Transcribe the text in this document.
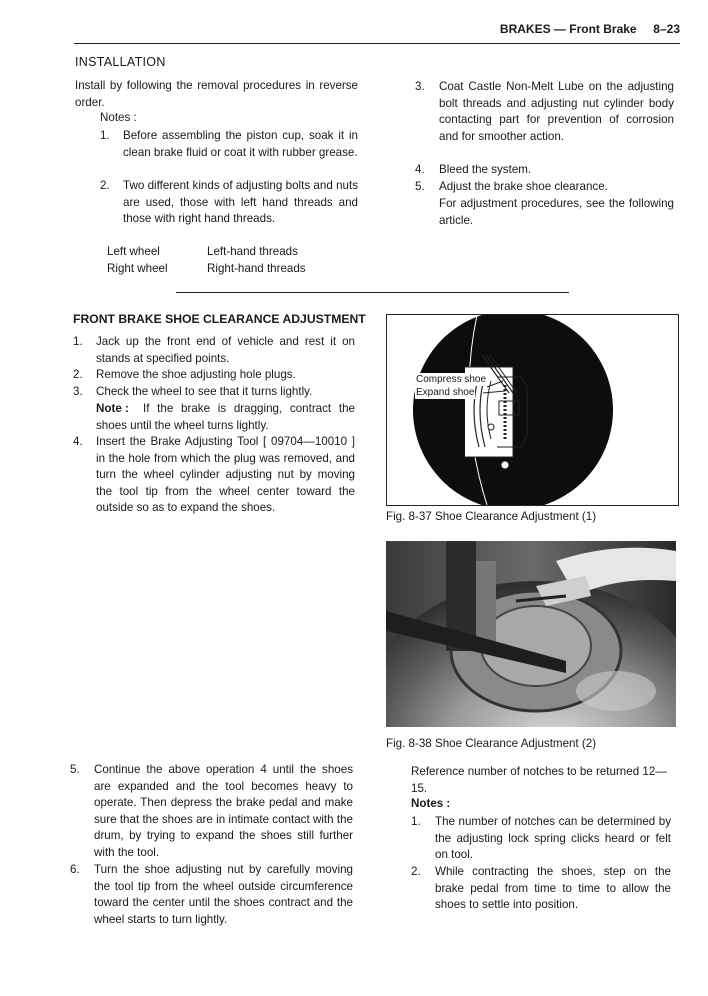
BRAKES — Front Brake 8–23
INSTALLATION
Install by following the removal procedures in reverse order.
Notes :
1. Before assembling the piston cup, soak it in clean brake fluid or coat it with rubber grease.
2. Two different kinds of adjusting bolts and nuts are used, those with left hand threads and those with right hand threads.
Left wheel	Left-hand threads
Right wheel	Right-hand threads
3. Coat Castle Non-Melt Lube on the adjusting bolt threads and adjusting nut cylinder body contacting part for prevention of corrosion and for smoother action.
4. Bleed the system.
5. Adjust the brake shoe clearance.
For adjustment procedures, see the following article.
FRONT BRAKE SHOE CLEARANCE ADJUSTMENT
1. Jack up the front end of vehicle and rest it on stands at specified points.
2. Remove the shoe adjusting hole plugs.
3. Check the wheel to see that it turns lightly.
Note :	If the brake is dragging, contract the shoes until the wheel turns lightly.
4. Insert the Brake Adjusting Tool [ 09704—10010 ] in the hole from which the plug was removed, and turn the wheel cylinder adjusting nut by moving the tool tip from the wheel center toward the outside so as to expand the shoes.
Compress shoe
Expand shoe
Fig. 8-37 Shoe Clearance Adjustment (1)
Fig. 8-38 Shoe Clearance Adjustment (2)
5. Continue the above operation 4 until the shoes are expanded and the tool becomes heavy to operate. Then depress the brake pedal and make sure that the shoes are in intimate contact with the drum, by trying to expand the shoes still further with the tool.
6. Turn the shoe adjusting nut by carefully moving the tool tip from the wheel outside circumference toward the center until the shoes contract and the wheel starts to turn lightly.
Reference number of notches to be returned 12—15.
Notes :
1. The number of notches can be determined by the adjusting lock spring clicks heard or felt on tool.
2. While contracting the shoes, step on the brake pedal from time to time to allow the shoes to settle into position.
